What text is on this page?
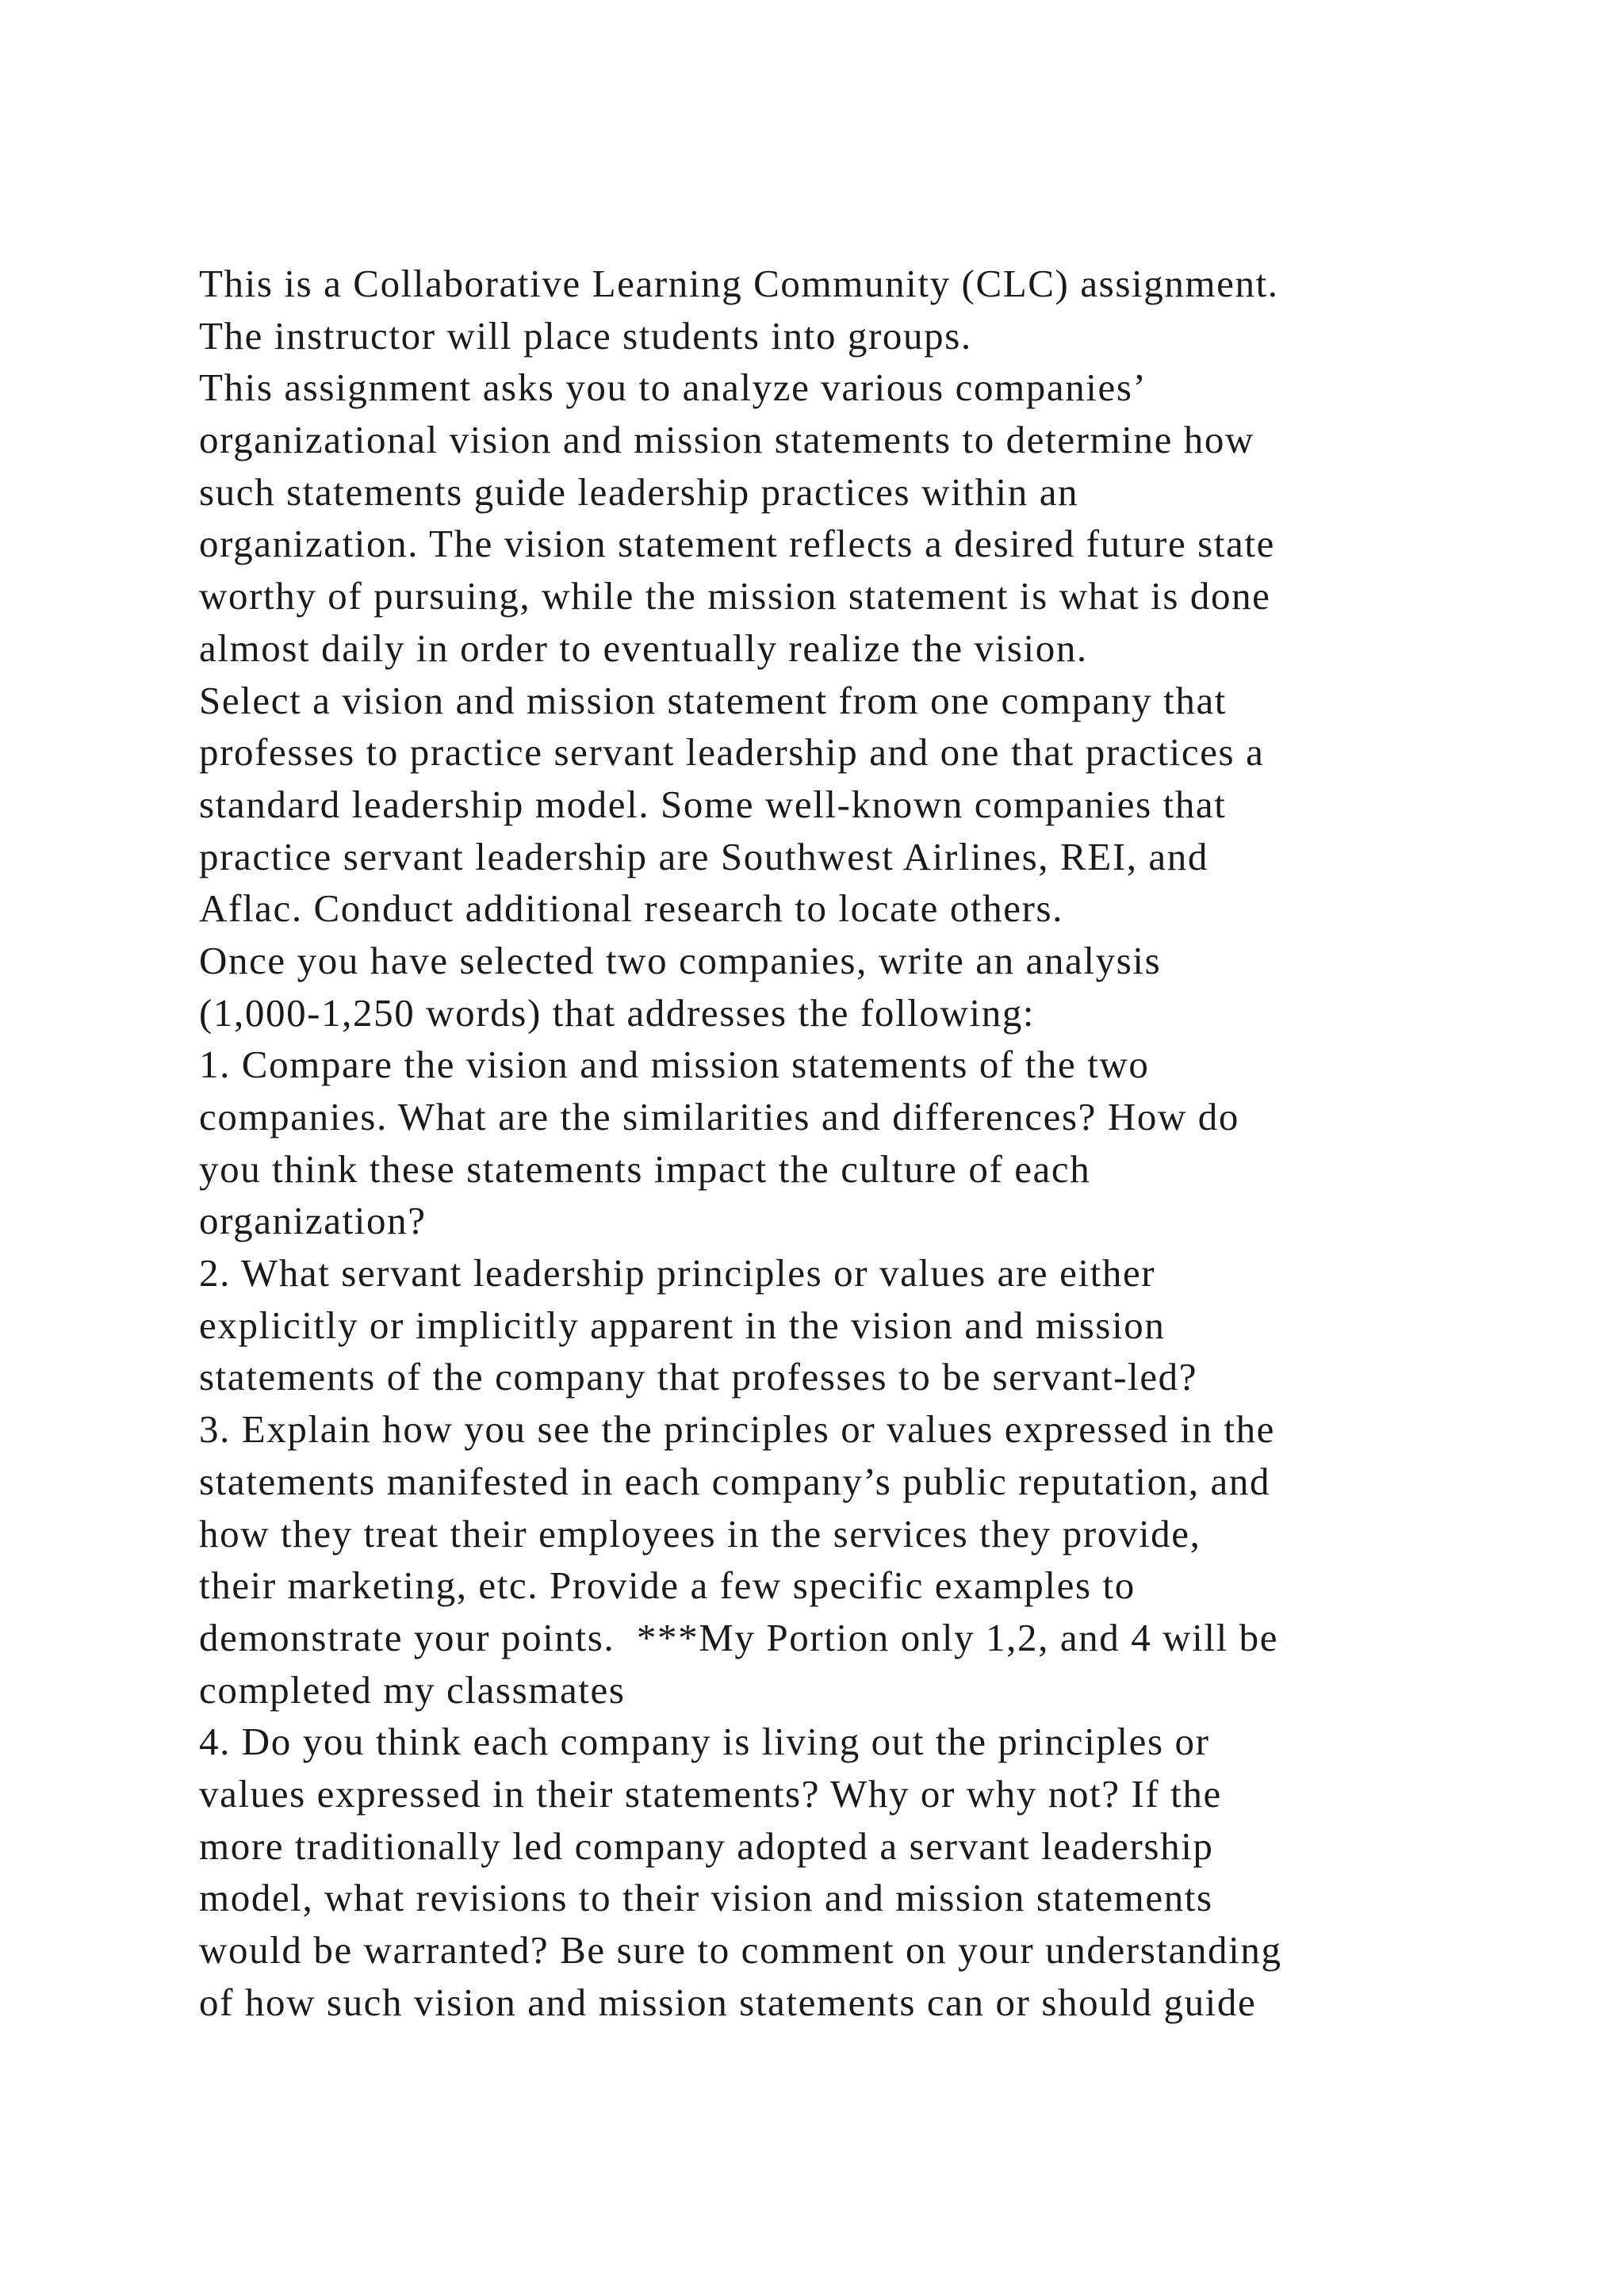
This is a Collaborative Learning Community (CLC) assignment.
The instructor will place students into groups.
This assignment asks you to analyze various companies’
organizational vision and mission statements to determine how
such statements guide leadership practices within an
organization. The vision statement reflects a desired future state
worthy of pursuing, while the mission statement is what is done
almost daily in order to eventually realize the vision.
Select a vision and mission statement from one company that
professes to practice servant leadership and one that practices a
standard leadership model. Some well-known companies that
practice servant leadership are Southwest Airlines, REI, and
Aflac. Conduct additional research to locate others.
Once you have selected two companies, write an analysis
(1,000-1,250 words) that addresses the following:
1. Compare the vision and mission statements of the two
companies. What are the similarities and differences? How do
you think these statements impact the culture of each
organization?
2. What servant leadership principles or values are either
explicitly or implicitly apparent in the vision and mission
statements of the company that professes to be servant-led?
3. Explain how you see the principles or values expressed in the
statements manifested in each company’s public reputation, and
how they treat their employees in the services they provide,
their marketing, etc. Provide a few specific examples to
demonstrate your points.  ***My Portion only 1,2, and 4 will be
completed my classmates
4. Do you think each company is living out the principles or
values expressed in their statements? Why or why not? If the
more traditionally led company adopted a servant leadership
model, what revisions to their vision and mission statements
would be warranted? Be sure to comment on your understanding
of how such vision and mission statements can or should guide
